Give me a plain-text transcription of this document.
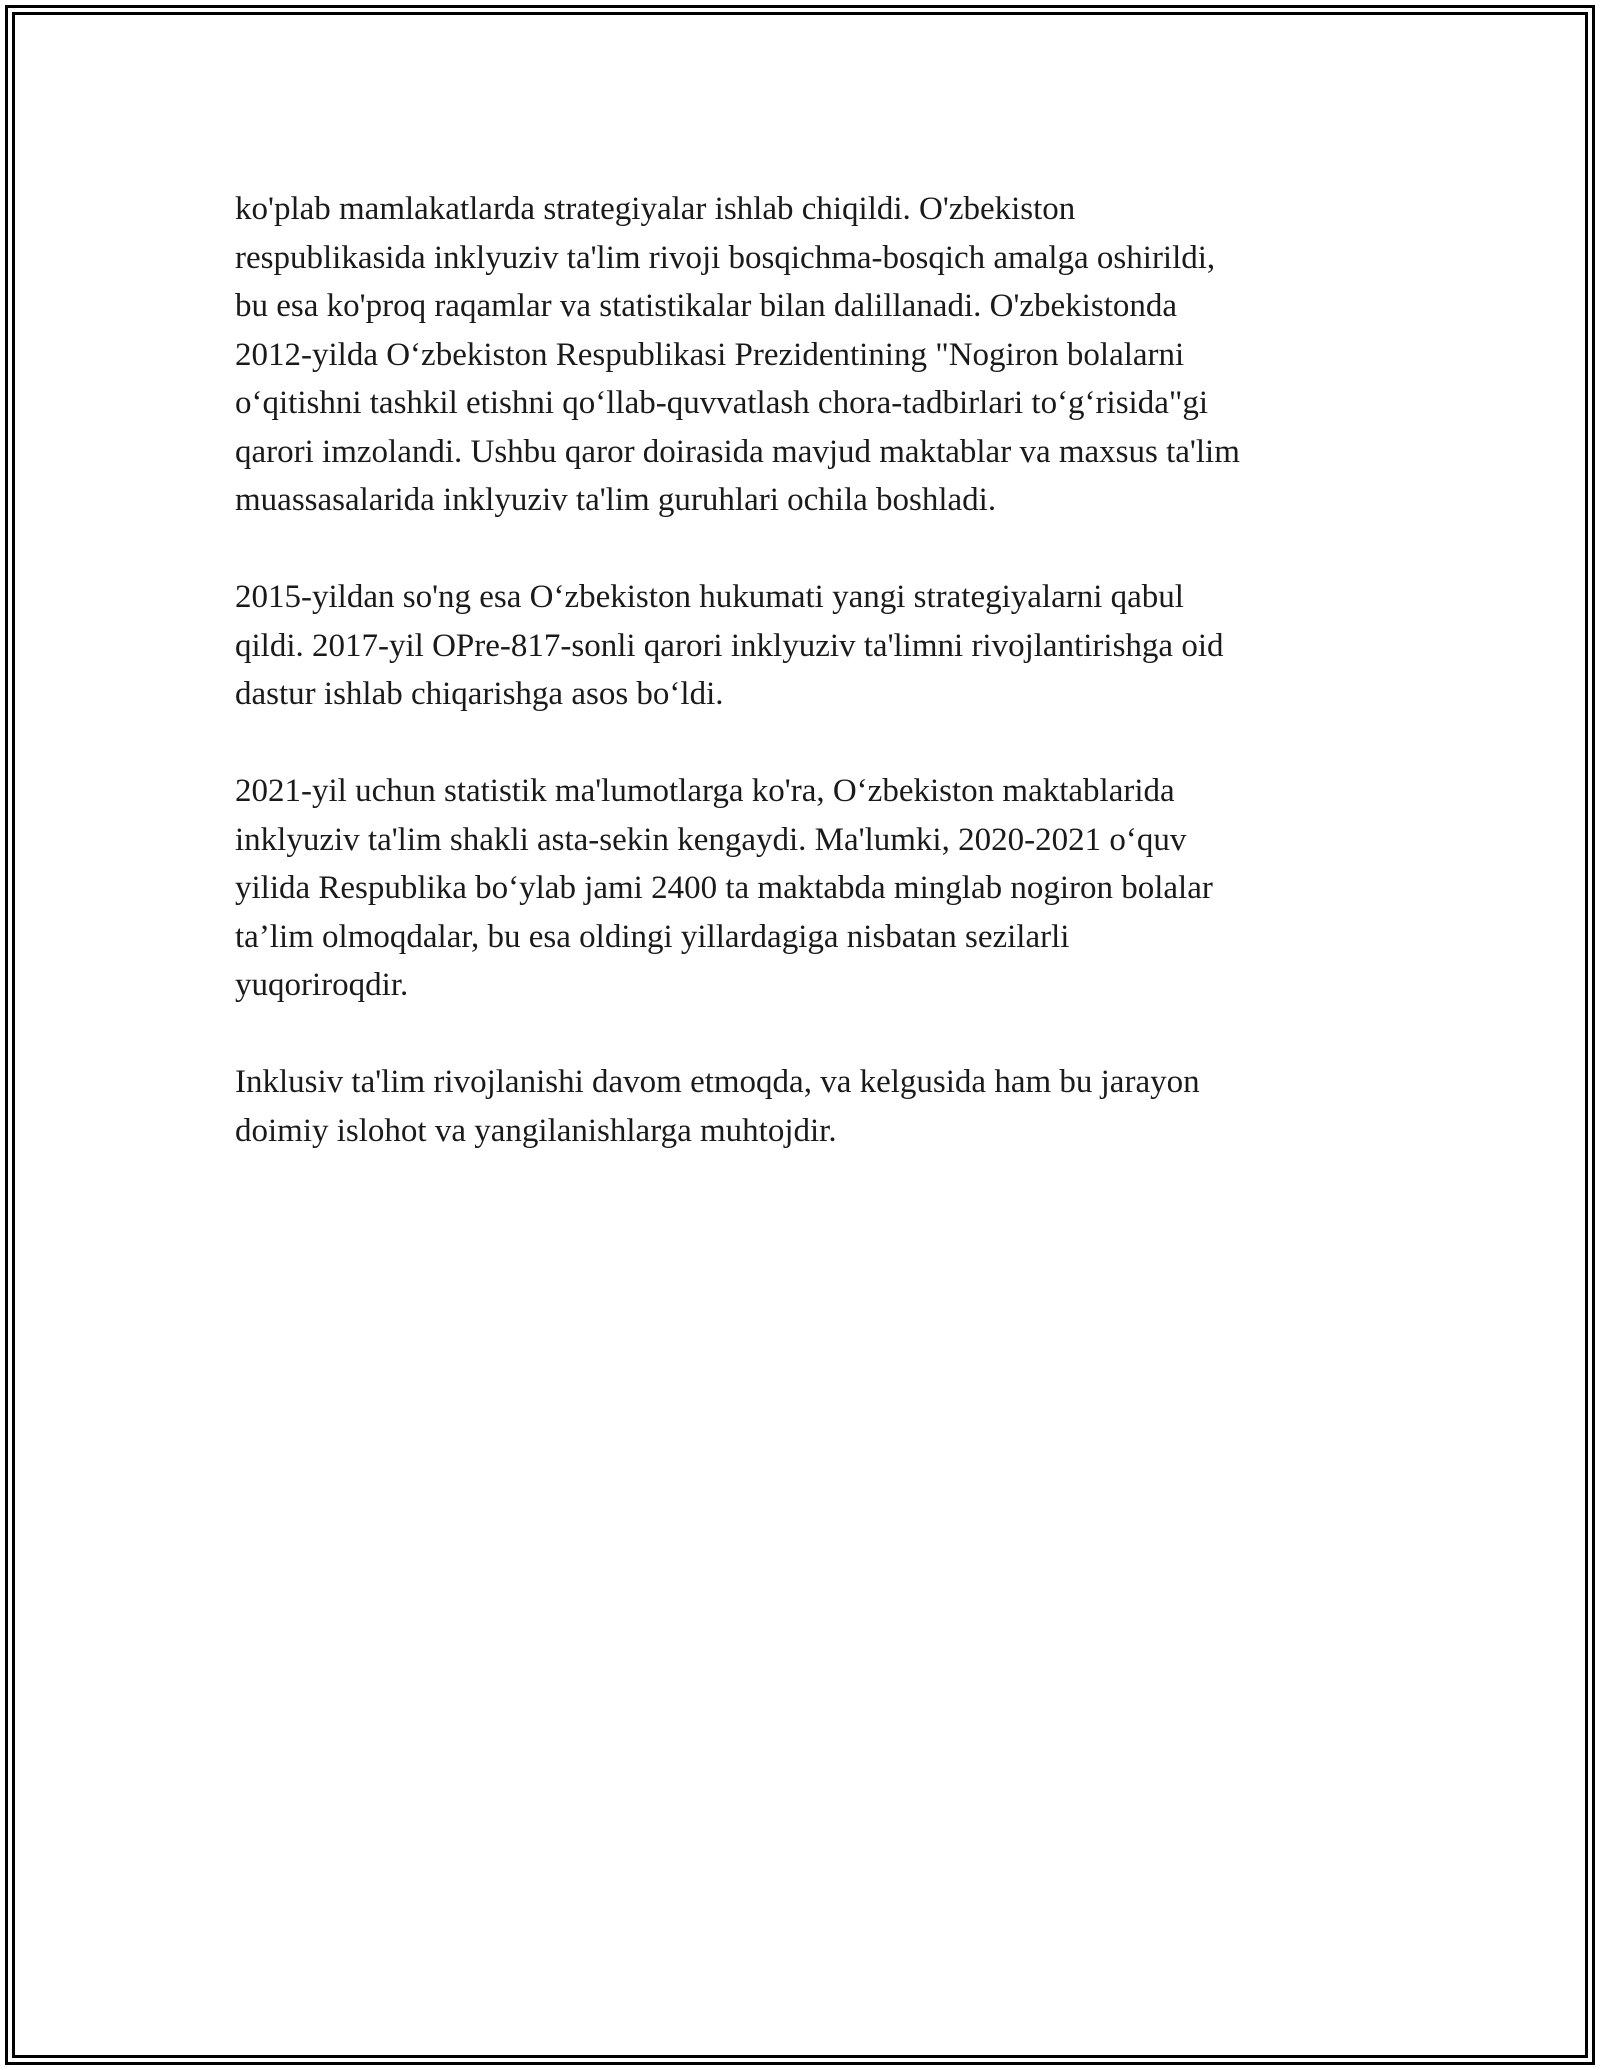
ko'plab mamlakatlarda strategiyalar ishlab chiqildi. O'zbekiston
respublikasida inklyuziv ta'lim rivoji bosqichma-bosqich amalga oshirildi,
bu esa ko'proq raqamlar va statistikalar bilan dalillanadi. O'zbekistonda
2012-yilda O‘zbekiston Respublikasi Prezidentining "Nogiron bolalarni
o‘qitishni tashkil etishni qo‘llab-quvvatlash chora-tadbirlari to‘g‘risida"gi
qarori imzolandi. Ushbu qaror doirasida mavjud maktablar va maxsus ta'lim
muassasalarida inklyuziv ta'lim guruhlari ochila boshladi.

2015-yildan so'ng esa O‘zbekiston hukumati yangi strategiyalarni qabul
qildi. 2017-yil OPre-817-sonli qarori inklyuziv ta'limni rivojlantirishga oid
dastur ishlab chiqarishga asos bo‘ldi.

2021-yil uchun statistik ma'lumotlarga ko'ra, O‘zbekiston maktablarida
inklyuziv ta'lim shakli asta-sekin kengaydi. Ma'lumki, 2020-2021 o‘quv
yilida Respublika bo‘ylab jami 2400 ta maktabda minglab nogiron bolalar
ta’lim olmoqdalar, bu esa oldingi yillardagiga nisbatan sezilarli
yuqoriroqdir.

Inklusiv ta'lim rivojlanishi davom etmoqda, va kelgusida ham bu jarayon
doimiy islohot va yangilanishlarga muhtojdir.
